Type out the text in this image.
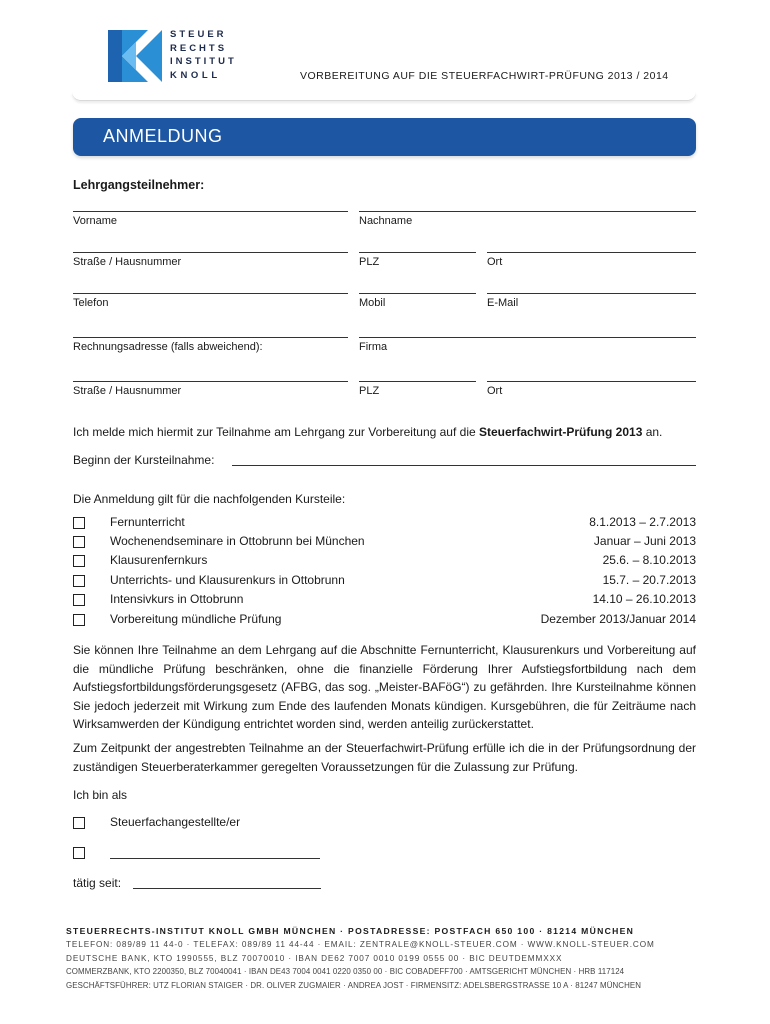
STEUER
RECHTS
INSTITUT
KNOLL	VORBEREITUNG AUF DIE STEUERFACHWIRT-PRÜFUNG 2013 / 2014
ANMELDUNG
Lehrgangsteilnehmer:
Vorname	Nachname
Straße / Hausnummer	PLZ	Ort
Telefon	Mobil	E-Mail
Rechnungsadresse (falls abweichend):	Firma
Straße / Hausnummer	PLZ	Ort
Ich melde mich hiermit zur Teilnahme am Lehrgang zur Vorbereitung auf die Steuerfachwirt-Prüfung 2013 an.
Beginn der Kursteilnahme:
Die Anmeldung gilt für die nachfolgenden Kursteile:
Fernunterricht	8.1.2013 – 2.7.2013
Wochenendseminare in Ottobrunn bei München	Januar – Juni 2013
Klausurenfernkurs	25.6. – 8.10.2013
Unterrichts- und Klausurenkurs in Ottobrunn	15.7. – 20.7.2013
Intensivkurs in Ottobrunn	14.10 – 26.10.2013
Vorbereitung mündliche Prüfung	Dezember 2013/Januar 2014
Sie können Ihre Teilnahme an dem Lehrgang auf die Abschnitte Fernunterricht, Klausurenkurs und Vorbereitung auf die mündliche Prüfung beschränken, ohne die finanzielle Förderung Ihrer Aufstiegsfortbildung nach dem Aufstiegsfortbildungsförderungsgesetz (AFBG, das sog. „Meister-BAFöG“) zu gefährden. Ihre Kursteilnahme können Sie jedoch jederzeit mit Wirkung zum Ende des laufenden Monats kündigen. Kursgebühren, die für Zeiträume nach Wirksamwerden der Kündigung entrichtet worden sind, werden anteilig zurückerstattet.
Zum Zeitpunkt der angestrebten Teilnahme an der Steuerfachwirt-Prüfung erfülle ich die in der Prüfungsordnung der zuständigen Steuerberaterkammer geregelten Voraussetzungen für die Zulassung zur Prüfung.
Ich bin als
Steuerfachangestellte/er
tätig seit:
STEUERRECHTS-INSTITUT KNOLL GMBH MÜNCHEN · POSTADRESSE: POSTFACH 650 100 · 81214 MÜNCHEN
TELEFON: 089/89 11 44-0 · TELEFAX: 089/89 11 44-44 · EMAIL: ZENTRALE@KNOLL-STEUER.COM · WWW.KNOLL-STEUER.COM
DEUTSCHE BANK, KTO 1990555, BLZ 70070010 · IBAN DE62 7007 0010 0199 0555 00 · BIC DEUTDEMMXXX
COMMERZBANK, KTO 2200350, BLZ 70040041 · IBAN DE43 7004 0041 0220 0350 00 · BIC COBADEFF700 · AMTSGERICHT MÜNCHEN · HRB 117124
GESCHÄFTSFÜHRER: UTZ FLORIAN STAIGER · DR. OLIVER ZUGMAIER · ANDREA JOST · FIRMENSITZ: ADELSBERGSTRASSE 10 A · 81247 MÜNCHEN
